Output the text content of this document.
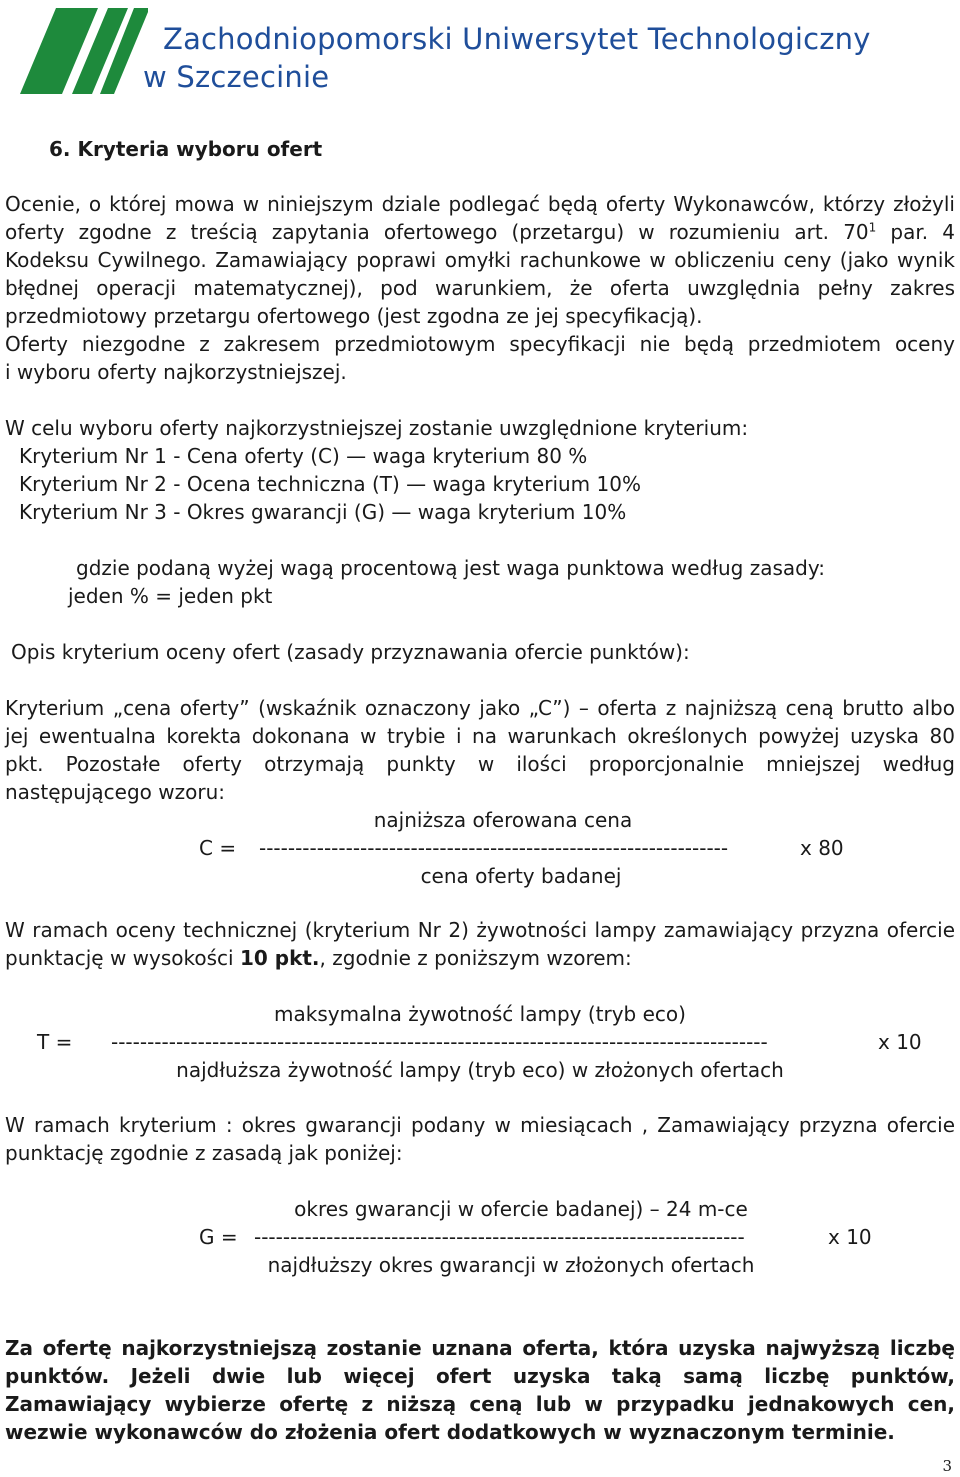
Zachodniopomorski Uniwersytet Technologiczny
w Szczecinie
6. Kryteria wyboru ofert
Ocenie, o której mowa w niniejszym dziale podlegać będą oferty Wykonawców, którzy złożyli
oferty zgodne z treścią zapytania ofertowego (przetargu) w rozumieniu art. $70^1$ par. 4
Kodeksu Cywilnego. Zamawiający poprawi omyłki rachunkowe w obliczeniu ceny (jako wynik
błędnej operacji matematycznej), pod warunkiem, że oferta uwzględnia pełny zakres
przedmiotowy przetargu ofertowego (jest zgodna ze jej specyfikacją).
Oferty niezgodne z zakresem przedmiotowym specyfikacji nie będą przedmiotem oceny
i wyboru oferty najkorzystniejszej.
W celu wyboru oferty najkorzystniejszej zostanie uwzględnione kryterium:
Kryterium Nr 1 - Cena oferty (C) — waga kryterium 80 %
Kryterium Nr 2 - Ocena techniczna (T) — waga kryterium 10%
Kryterium Nr 3 - Okres gwarancji (G) — waga kryterium 10%
gdzie podaną wyżej wagą procentową jest waga punktowa według zasady:
jeden % = jeden pkt
Opis kryterium oceny ofert (zasady przyznawania ofercie punktów):
Kryterium „cena oferty” (wskaźnik oznaczony jako „C”) – oferta z najniższą ceną brutto albo
jej ewentualna korekta dokonana w trybie i na warunkach określonych powyżej uzyska 80
pkt. Pozostałe oferty otrzymają punkty w ilości proporcjonalnie mniejszej według
następującego wzoru:
najniższa oferowana cena
C = -----------------------------------------------------------------	x 80
cena oferty badanej
W ramach oceny technicznej (kryterium Nr 2) żywotności lampy zamawiający przyzna ofercie
punktację w wysokości 10 pkt., zgodnie z poniższym wzorem:
maksymalna żywotność lampy (tryb eco)
T = -------------------------------------------------------------------------------------------	x 10
najdłuższa żywotność lampy (tryb eco) w złożonych ofertach
W ramach kryterium : okres gwarancji podany w miesiącach , Zamawiający przyzna ofercie
punktację zgodnie z zasadą jak poniżej:
okres gwarancji w ofercie badanej) – 24 m-ce
G = --------------------------------------------------------------------	x 10
najdłuższy okres gwarancji w złożonych ofertach
Za ofertę najkorzystniejszą zostanie uznana oferta, która uzyska najwyższą liczbę
punktów. Jeżeli dwie lub więcej ofert uzyska taką samą liczbę punktów,
Zamawiający wybierze ofertę z niższą ceną lub w przypadku jednakowych cen,
wezwie wykonawców do złożenia ofert dodatkowych w wyznaczonym terminie.
3
